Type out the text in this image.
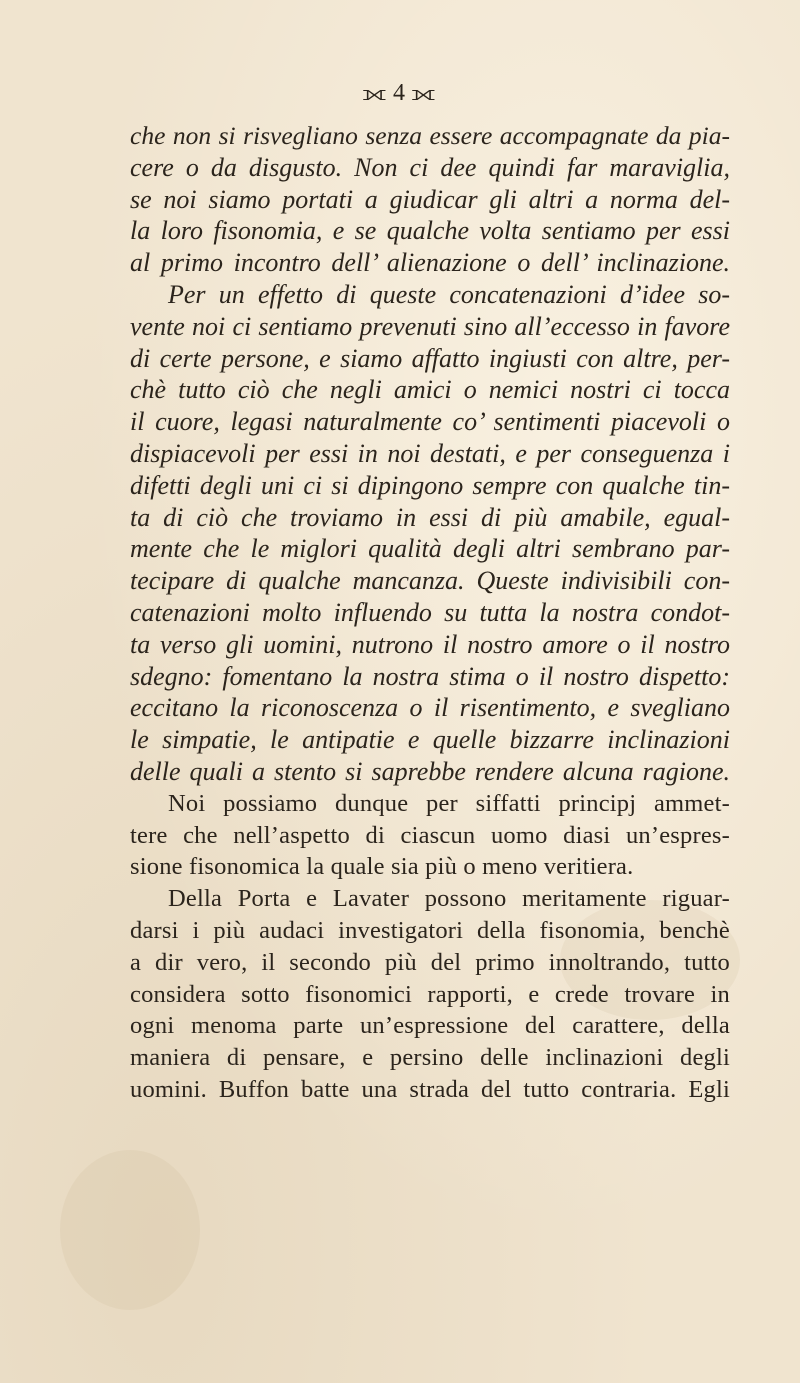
⟗ 4 ⟗
che non si risvegliano senza essere accompagnate da pia-
cere o da disgusto. Non ci dee quindi far maraviglia,
se noi siamo portati a giudicar gli altri a norma del-
la loro fisonomia, e se qualche volta sentiamo per essi
al primo incontro dell’ alienazione o dell’ inclinazione.
Per un effetto di queste concatenazioni d’idee so-
vente noi ci sentiamo prevenuti sino all’eccesso in favore
di certe persone, e siamo affatto ingiusti con altre, per-
chè tutto ciò che negli amici o nemici nostri ci tocca
il cuore, legasi naturalmente co’ sentimenti piacevoli o
dispiacevoli per essi in noi destati, e per conseguenza i
difetti degli uni ci si dipingono sempre con qualche tin-
ta di ciò che troviamo in essi di più amabile, egual-
mente che le miglori qualità degli altri sembrano par-
tecipare di qualche mancanza. Queste indivisibili con-
catenazioni molto influendo su tutta la nostra condot-
ta verso gli uomini, nutrono il nostro amore o il nostro
sdegno: fomentano la nostra stima o il nostro dispetto:
eccitano la riconoscenza o il risentimento, e svegliano
le simpatie, le antipatie e quelle bizzarre inclinazioni
delle quali a stento si saprebbe rendere alcuna ragione.
Noi possiamo dunque per siffatti principj ammet-
tere che nell’aspetto di ciascun uomo diasi un’espres-
sione fisonomica la quale sia più o meno veritiera.
Della Porta e Lavater possono meritamente riguar-
darsi i più audaci investigatori della fisonomia, benchè
a dir vero, il secondo più del primo innoltrando, tutto
considera sotto fisonomici rapporti, e crede trovare in
ogni menoma parte un’espressione del carattere, della
maniera di pensare, e persino delle inclinazioni degli
uomini. Buffon batte una strada del tutto contraria. Egli
